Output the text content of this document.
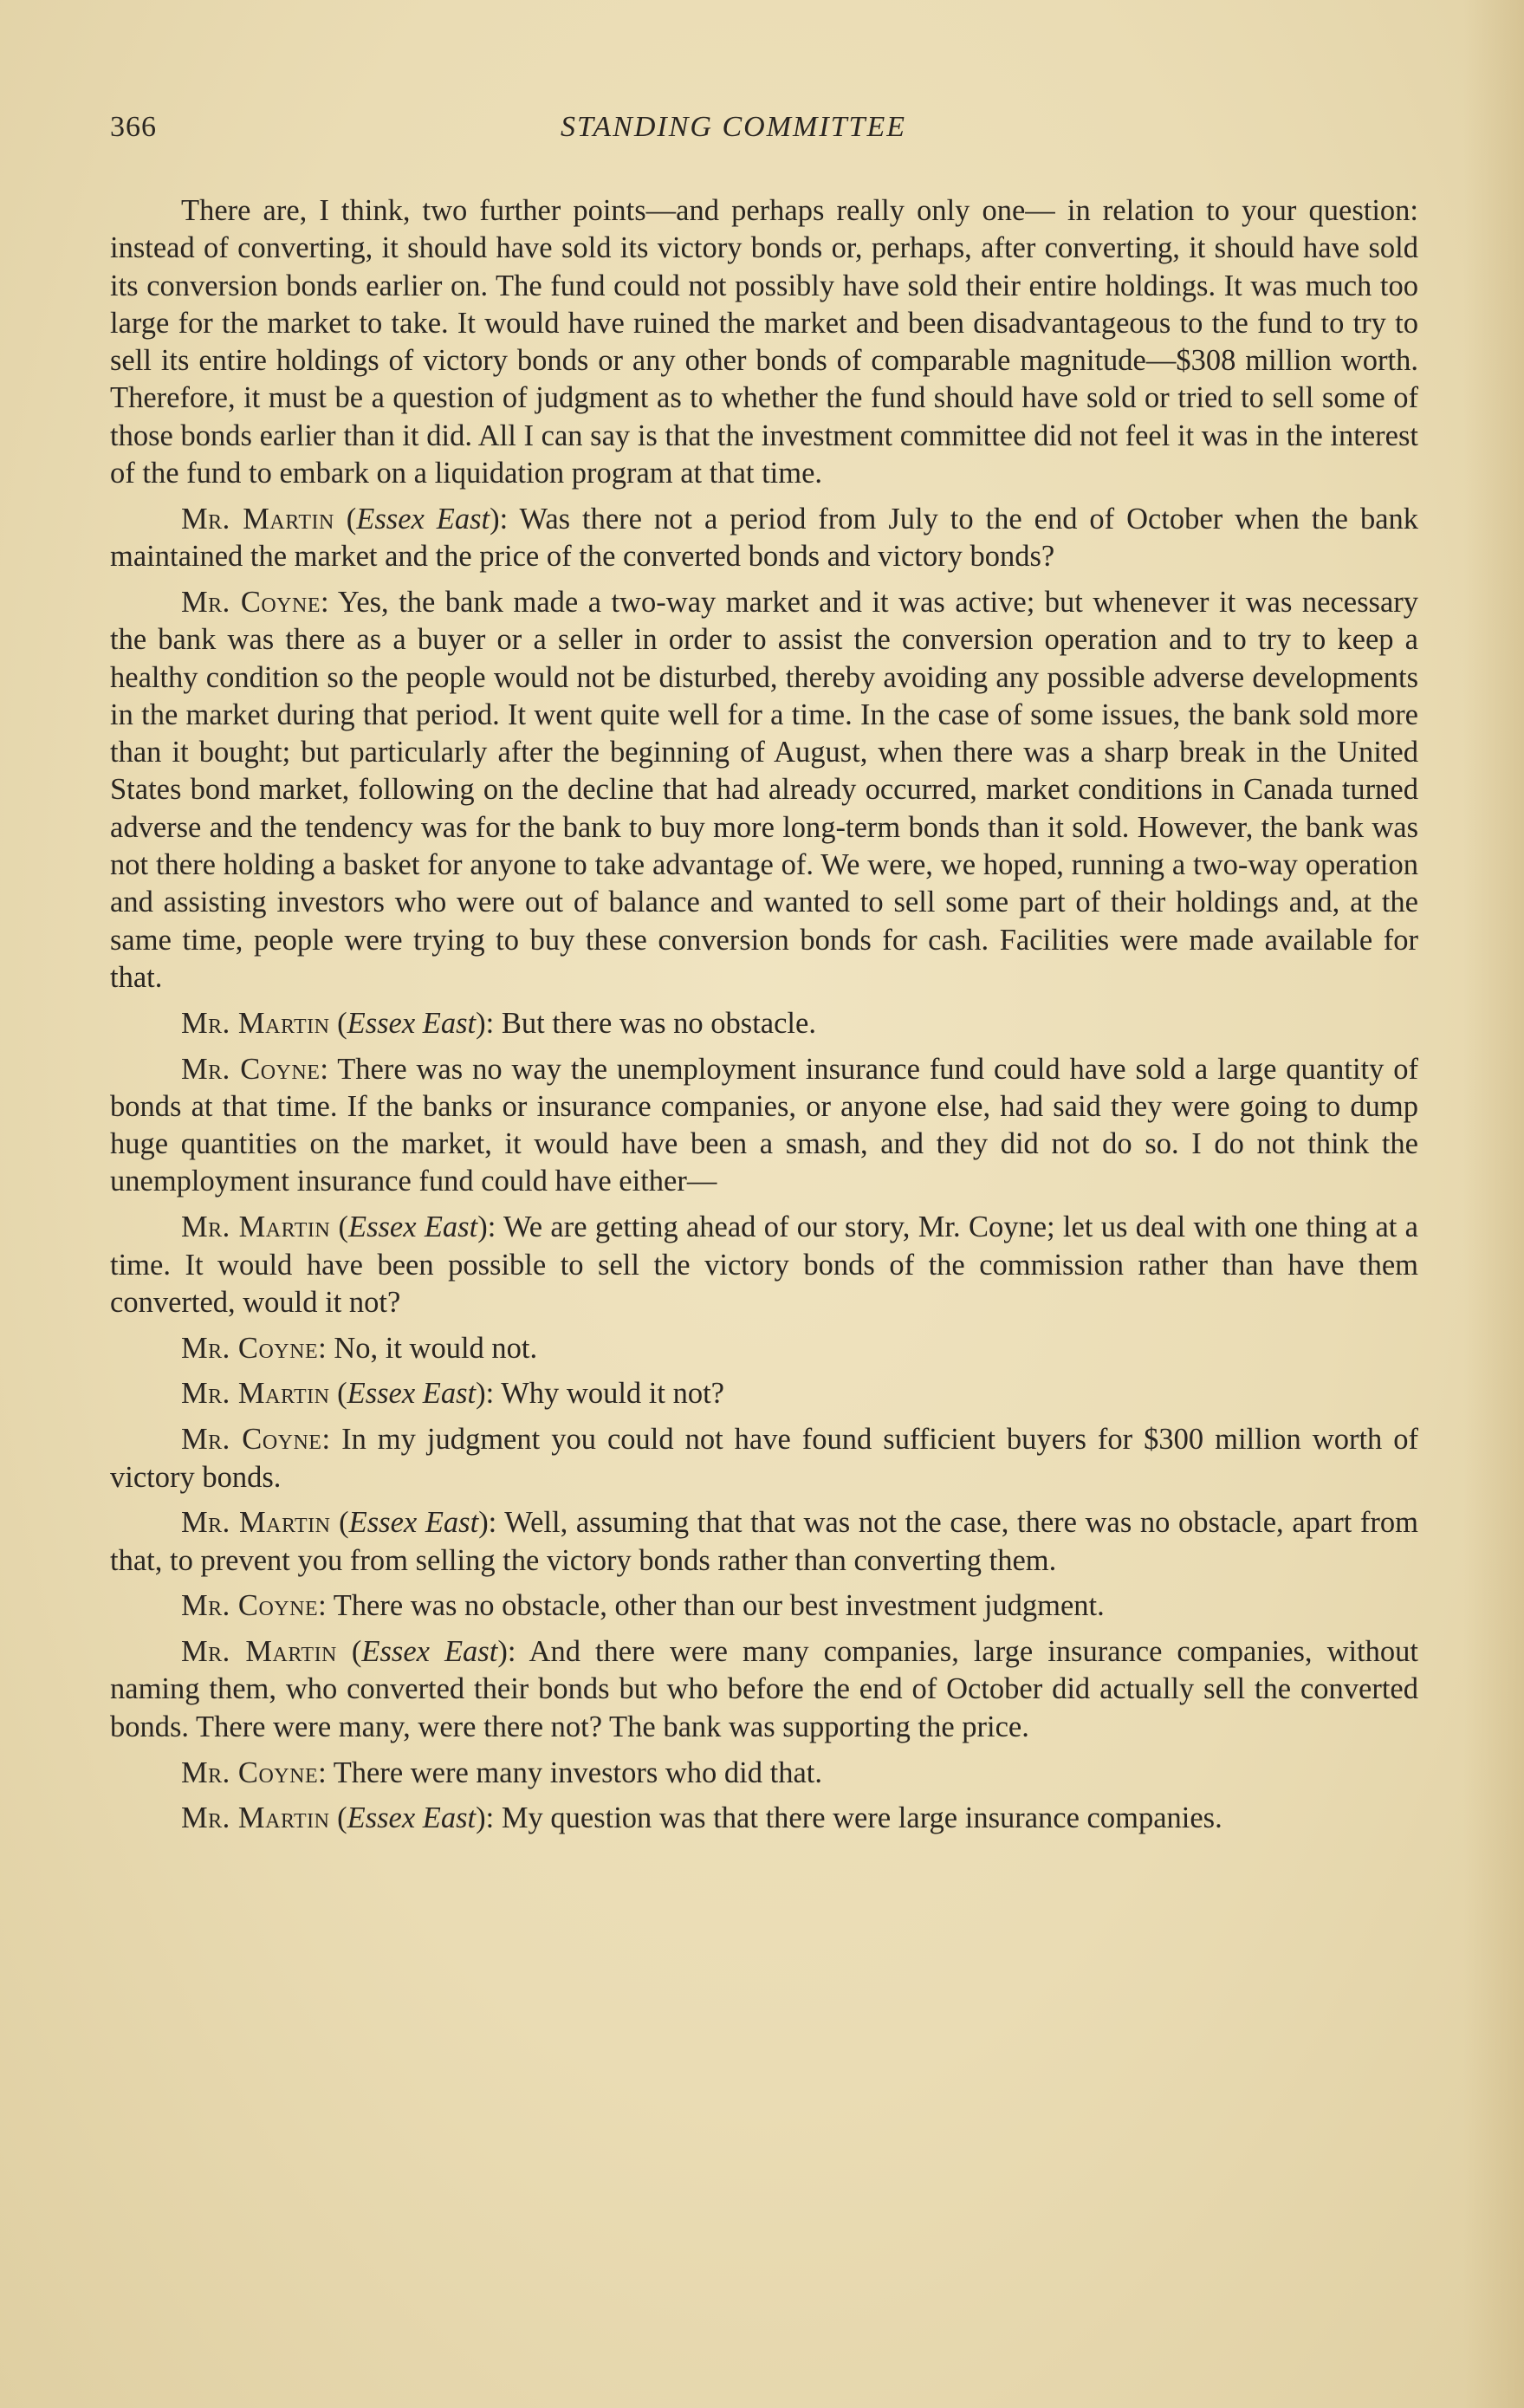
366	STANDING COMMITTEE

There are, I think, two further points—and perhaps really only one— in relation to your question: instead of converting, it should have sold its victory bonds or, perhaps, after converting, it should have sold its conversion bonds earlier on. The fund could not possibly have sold their entire holdings. It was much too large for the market to take. It would have ruined the market and been disadvantageous to the fund to try to sell its entire holdings of victory bonds or any other bonds of comparable magnitude—$308 million worth. Therefore, it must be a question of judgment as to whether the fund should have sold or tried to sell some of those bonds earlier than it did. All I can say is that the investment committee did not feel it was in the interest of the fund to embark on a liquidation program at that time.

Mr. Martin (Essex East): Was there not a period from July to the end of October when the bank maintained the market and the price of the converted bonds and victory bonds?

Mr. Coyne: Yes, the bank made a two-way market and it was active; but whenever it was necessary the bank was there as a buyer or a seller in order to assist the conversion operation and to try to keep a healthy condition so the people would not be disturbed, thereby avoiding any possible adverse developments in the market during that period. It went quite well for a time. In the case of some issues, the bank sold more than it bought; but particularly after the beginning of August, when there was a sharp break in the United States bond market, following on the decline that had already occurred, market conditions in Canada turned adverse and the tendency was for the bank to buy more long-term bonds than it sold. However, the bank was not there holding a basket for anyone to take advantage of. We were, we hoped, running a two-way operation and assisting investors who were out of balance and wanted to sell some part of their holdings and, at the same time, people were trying to buy these conversion bonds for cash. Facilities were made available for that.

Mr. Martin (Essex East): But there was no obstacle.

Mr. Coyne: There was no way the unemployment insurance fund could have sold a large quantity of bonds at that time. If the banks or insurance companies, or anyone else, had said they were going to dump huge quantities on the market, it would have been a smash, and they did not do so. I do not think the unemployment insurance fund could have either—

Mr. Martin (Essex East): We are getting ahead of our story, Mr. Coyne; let us deal with one thing at a time. It would have been possible to sell the victory bonds of the commission rather than have them converted, would it not?

Mr. Coyne: No, it would not.

Mr. Martin (Essex East): Why would it not?

Mr. Coyne: In my judgment you could not have found sufficient buyers for $300 million worth of victory bonds.

Mr. Martin (Essex East): Well, assuming that that was not the case, there was no obstacle, apart from that, to prevent you from selling the victory bonds rather than converting them.

Mr. Coyne: There was no obstacle, other than our best investment judgment.

Mr. Martin (Essex East): And there were many companies, large insurance companies, without naming them, who converted their bonds but who before the end of October did actually sell the converted bonds. There were many, were there not? The bank was supporting the price.

Mr. Coyne: There were many investors who did that.

Mr. Martin (Essex East): My question was that there were large insurance companies.
